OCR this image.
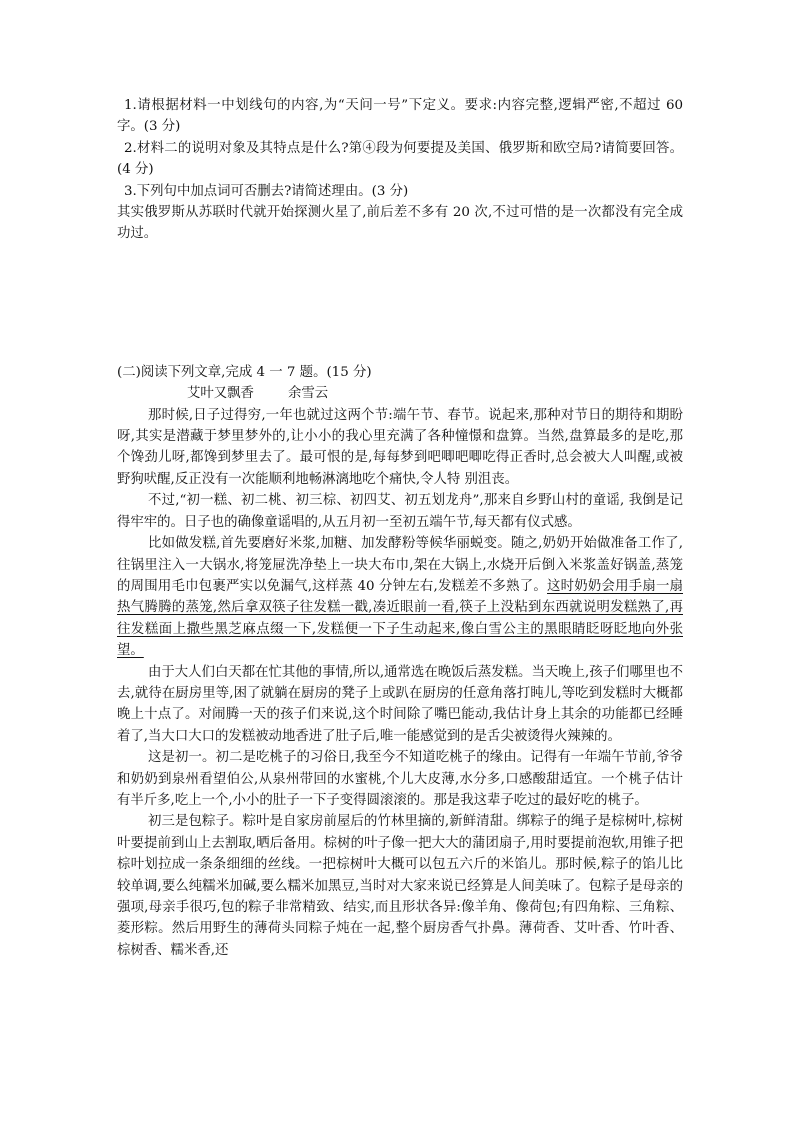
1.请根据材料一中划线句的内容,为“天问一号”下定义。要求:内容完整,逻辑严密,不超过 60 字。(3 分)

2.材料二的说明对象及其特点是什么?第④段为何要提及美国、俄罗斯和欧空局?请简要回答。(4 分)

3.下列句中加点词可否删去?请简述理由。(3 分)

其实俄罗斯从苏联时代就开始探测火星了,前后差不多有 20 次,不过可惜的是一次都没有完全成功过。

(二)阅读下列文章,完成 4 一 7 题。(15 分)

艾叶又飘香	余雪云

那时候,日子过得穷,一年也就过这两个节:端午节、春节。说起来,那种对节日的期待和期盼呀,其实是潜藏于梦里梦外的,让小小的我心里充满了各种憧憬和盘算。当然,盘算最多的是吃,那个馋劲儿呀,都馋到梦里去了。最可恨的是,每每梦到吧唧吧唧吃得正香时,总会被大人叫醒,或被野狗吠醒,反正没有一次能顺利地畅淋漓地吃个痛快,令人特 别沮丧。

不过,“初一糕、初二桃、初三棕、初四艾、初五划龙舟”,那来自乡野山村的童谣, 我倒是记得牢牢的。日子也的确像童谣唱的,从五月初一至初五端午节,每天都有仪式感。

比如做发糕,首先要磨好米浆,加糖、加发酵粉等候华丽蜕变。随之,奶奶开始做准备工作了,往锅里注入一大锅水,将笼屉洗净垫上一块大布巾,架在大锅上,水烧开后倒入米浆盖好锅盖,蒸笼的周围用毛巾包裹严实以免漏气,这样蒸 40 分钟左右,发糕差不多熟了。这时奶奶会用手扇一扇热气腾腾的蒸笼,然后拿双筷子往发糕一戳,凑近眼前一看,筷子上没粘到东西就说明发糕熟了,再往发糕面上撒些黑芝麻点缀一下,发糕便一下子生动起来,像白雪公主的黑眼睛眨呀眨地向外张望。

由于大人们白天都在忙其他的事情,所以,通常选在晚饭后蒸发糕。当天晚上,孩子们哪里也不去,就待在厨房里等,困了就躺在厨房的凳子上或趴在厨房的任意角落打盹儿,等吃到发糕时大概都晚上十点了。对闹腾一天的孩子们来说,这个时间除了嘴巴能动,我估计身上其余的功能都已经睡着了,当大口大口的发糕被动地香进了肚子后,唯一能感觉到的是舌尖被烫得火辣辣的。

这是初一。初二是吃桃子的习俗日,我至今不知道吃桃子的缘由。记得有一年端午节前,爷爷和奶奶到泉州看望伯公,从泉州带回的水蜜桃,个儿大皮薄,水分多,口感酸甜适宜。一个桃子估计有半斤多,吃上一个,小小的肚子一下子变得圆滚滚的。那是我这辈子吃过的最好吃的桃子。

初三是包粽子。粽叶是自家房前屋后的竹林里摘的,新鲜清甜。绑粽子的绳子是棕树叶,棕树叶要提前到山上去割取,晒后备用。棕树的叶子像一把大大的蒲团扇子,用时要提前泡软,用锥子把棕叶划拉成一条条细细的丝线。一把棕树叶大概可以包五六斤的米馅儿。那时候,粽子的馅儿比较单调,要么纯糯米加碱,要么糯米加黑豆,当时对大家来说已经算是人间美味了。包粽子是母亲的强项,母亲手很巧,包的粽子非常精致、结实,而且形状各异:像羊角、像荷包;有四角粽、三角粽、菱形粽。然后用野生的薄荷头同粽子炖在一起,整个厨房香气扑鼻。薄荷香、艾叶香、竹叶香、棕树香、糯米香,还
